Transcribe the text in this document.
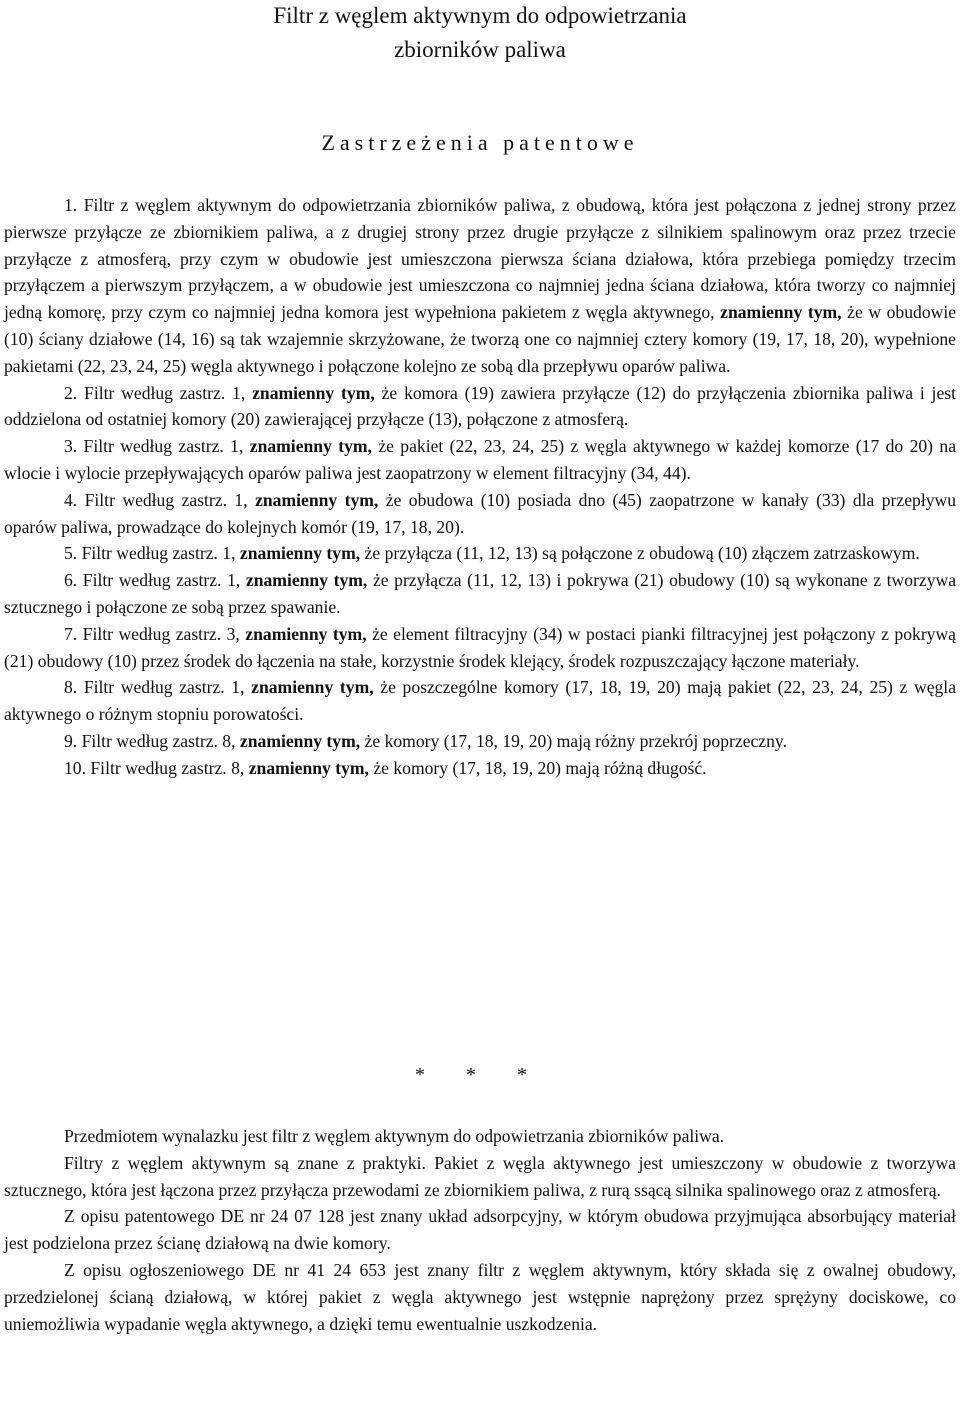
Filtr z węglem aktywnym do odpowietrzania
zbiorników paliwa
Zastrzeżenia patentowe

1. Filtr z węglem aktywnym do odpowietrzania zbiorników paliwa, z obudową, która jest połączona z jednej strony przez pierwsze przyłącze ze zbiornikiem paliwa, a z drugiej strony przez drugie przyłącze z silnikiem spalinowym oraz przez trzecie przyłącze z atmosferą, przy czym w obudowie jest umieszczona pierwsza ściana działowa, która przebiega pomiędzy trzecim przyłączem a pierwszym przyłączem, a w obudowie jest umieszczona co najmniej jedna ściana działowa, która tworzy co najmniej jedną komorę, przy czym co najmniej jedna komora jest wypełniona pakietem z węgla aktywnego, znamienny tym, że w obudowie (10) ściany działowe (14, 16) są tak wzajemnie skrzyżowane, że tworzą one co najmniej cztery komory (19, 17, 18, 20), wypełnione pakietami (22, 23, 24, 25) węgla aktywnego i połączone kolejno ze sobą dla przepływu oparów paliwa.

2. Filtr według zastrz. 1, znamienny tym, że komora (19) zawiera przyłącze (12) do przyłączenia zbiornika paliwa i jest oddzielona od ostatniej komory (20) zawierającej przyłącze (13), połączone z atmosferą.

3. Filtr według zastrz. 1, znamienny tym, że pakiet (22, 23, 24, 25) z węgla aktywnego w każdej komorze (17 do 20) na wlocie i wylocie przepływających oparów paliwa jest zaopatrzony w element filtracyjny (34, 44).

4. Filtr według zastrz. 1, znamienny tym, że obudowa (10) posiada dno (45) zaopatrzone w kanały (33) dla przepływu oparów paliwa, prowadzące do kolejnych komór (19, 17, 18, 20).

5. Filtr według zastrz. 1, znamienny tym, że przyłącza (11, 12, 13) są połączone z obudową (10) złączem zatrzaskowym.

6. Filtr według zastrz. 1, znamienny tym, że przyłącza (11, 12, 13) i pokrywa (21) obudowy (10) są wykonane z tworzywa sztucznego i połączone ze sobą przez spawanie.

7. Filtr według zastrz. 3, znamienny tym, że element filtracyjny (34) w postaci pianki filtracyjnej jest połączony z pokrywą (21) obudowy (10) przez środek do łączenia na stałe, korzystnie środek klejący, środek rozpuszczający łączone materiały.

8. Filtr według zastrz. 1, znamienny tym, że poszczególne komory (17, 18, 19, 20) mają pakiet (22, 23, 24, 25) z węgla aktywnego o różnym stopniu porowatości.

9. Filtr według zastrz. 8, znamienny tym, że komory (17, 18, 19, 20) mają różny przekrój poprzeczny.

10. Filtr według zastrz. 8, znamienny tym, że komory (17, 18, 19, 20) mają różną długość.

* * *

Przedmiotem wynalazku jest filtr z węglem aktywnym do odpowietrzania zbiorników paliwa.

Filtry z węglem aktywnym są znane z praktyki. Pakiet z węgla aktywnego jest umieszczony w obudowie z tworzywa sztucznego, która jest łączona przez przyłącza przewodami ze zbiornikiem paliwa, z rurą ssącą silnika spalinowego oraz z atmosferą.

Z opisu patentowego DE nr 24 07 128 jest znany układ adsorpcyjny, w którym obudowa przyjmująca absorbujący materiał jest podzielona przez ścianę działową na dwie komory.

Z opisu ogłoszeniowego DE nr 41 24 653 jest znany filtr z węglem aktywnym, który składa się z owalnej obudowy, przedzielonej ścianą działową, w której pakiet z węgla aktywnego jest wstępnie naprężony przez sprężyny dociskowe, co uniemożliwia wypadanie węgla aktywnego, a dzięki temu ewentualnie uszkodzenia.
